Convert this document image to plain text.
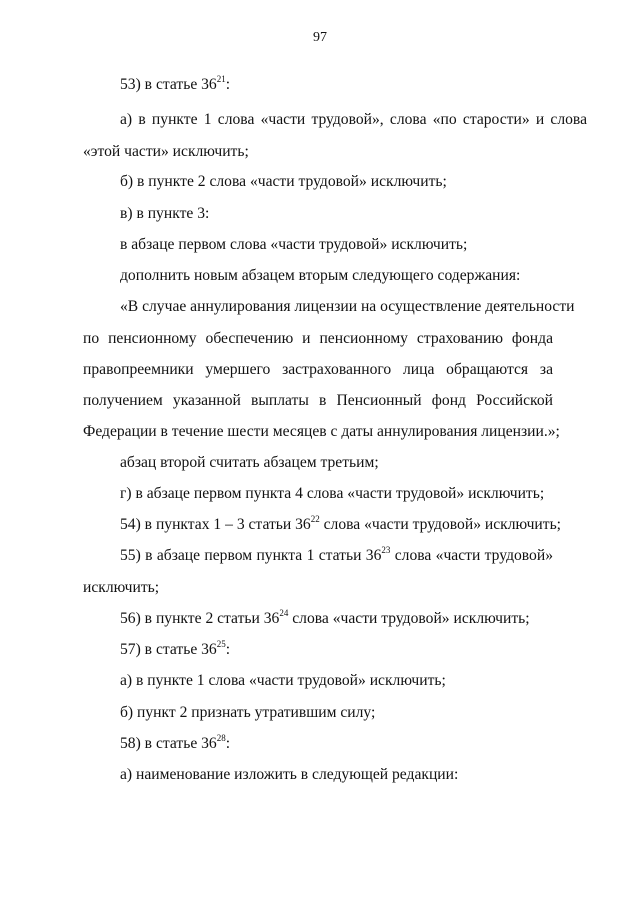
97
53) в статье $36^{21}$:
а) в пункте 1 слова «части трудовой», слова «по старости» и слова
«этой части» исключить;
б) в пункте 2 слова «части трудовой» исключить;
в) в пункте 3:
в абзаце первом слова «части трудовой» исключить;
дополнить новым абзацем вторым следующего содержания:
«В случае аннулирования лицензии на осуществление деятельности
по пенсионному обеспечению и пенсионному страхованию фонда
правопреемники умершего застрахованного лица обращаются за
получением указанной выплаты в Пенсионный фонд Российской
Федерации в течение шести месяцев с даты аннулирования лицензии.»;
абзац второй считать абзацем третьим;
г) в абзаце первом пункта 4 слова «части трудовой» исключить;
54) в пунктах 1 – 3 статьи $36^{22}$ слова «части трудовой» исключить;
55) в абзаце первом пункта 1 статьи $36^{23}$ слова «части трудовой»
исключить;
56) в пункте 2 статьи $36^{24}$ слова «части трудовой» исключить;
57) в статье $36^{25}$:
а) в пункте 1 слова «части трудовой» исключить;
б) пункт 2 признать утратившим силу;
58) в статье $36^{28}$:
а) наименование изложить в следующей редакции:
